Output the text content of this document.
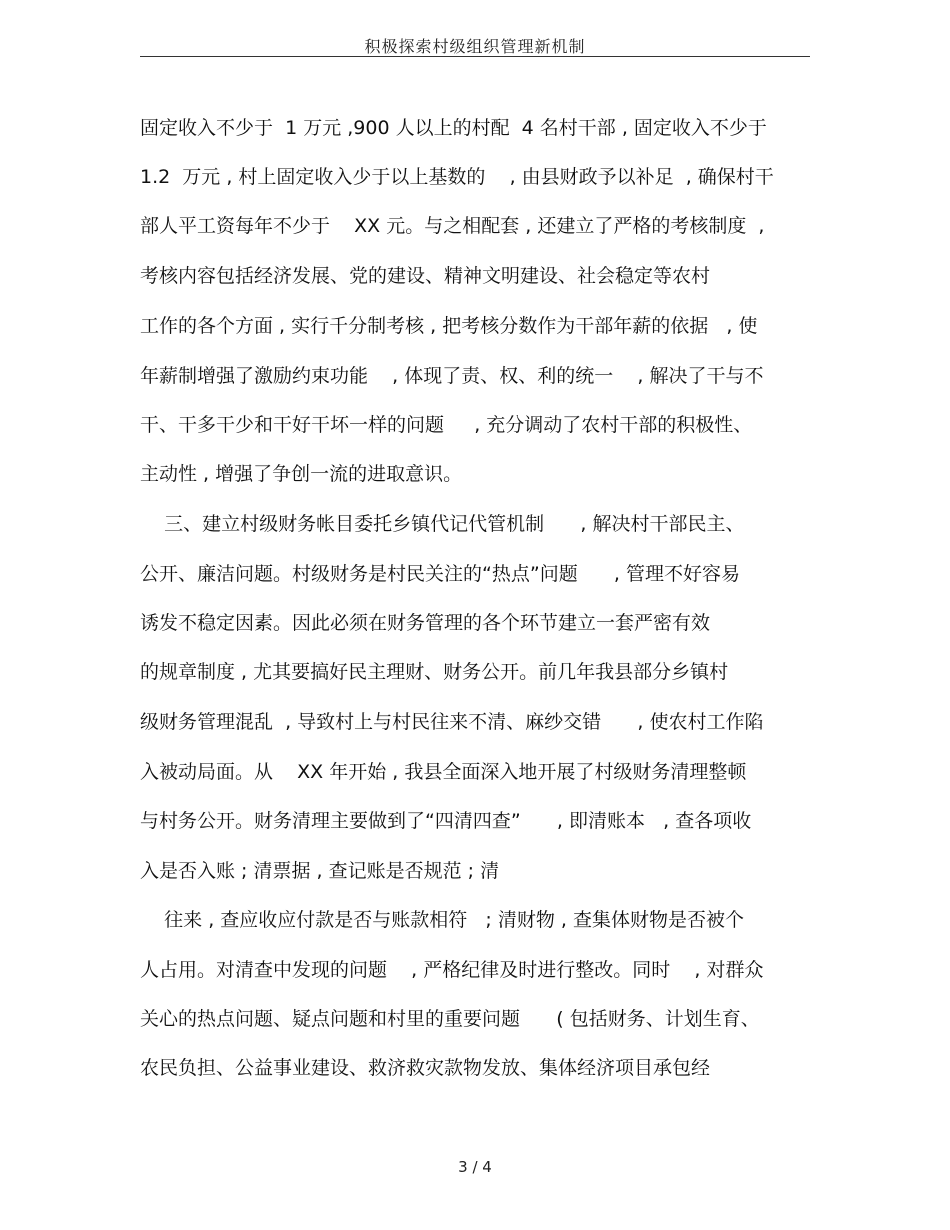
积极探索村级组织管理新机制
固定收入不少于  1 万元 ,900 人以上的村配  4 名村干部 , 固定收入不少于
1.2  万元 , 村上固定收入少于以上基数的    , 由县财政予以补足  , 确保村干
部人平工资每年不少于    XX 元。与之相配套 , 还建立了严格的考核制度  ,
考核内容包括经济发展、党的建设、精神文明建设、社会稳定等农村
工作的各个方面 , 实行千分制考核 , 把考核分数作为干部年薪的依据   , 使
年薪制增强了激励约束功能    , 体现了责、权、利的统一    , 解决了干与不
干、干多干少和干好干坏一样的问题     , 充分调动了农村干部的积极性、
主动性 , 增强了争创一流的进取意识。
三、建立村级财务帐目委托乡镇代记代管机制      , 解决村干部民主、
公开、廉洁问题。村级财务是村民关注的“热点”问题      , 管理不好容易
诱发不稳定因素。因此必须在财务管理的各个环节建立一套严密有效
的规章制度 , 尤其要搞好民主理财、财务公开。前几年我县部分乡镇村
级财务管理混乱  , 导致村上与村民往来不清、麻纱交错      , 使农村工作陷
入被动局面。从    XX 年开始 , 我县全面深入地开展了村级财务清理整顿
与村务公开。财务清理主要做到了“四清四查”      , 即清账本   , 查各项收
入是否入账 ; 清票据 , 查记账是否规范 ; 清
往来 , 查应收应付款是否与账款相符   ; 清财物 , 查集体财物是否被个
人占用。对清查中发现的问题    , 严格纪律及时进行整改。同时    , 对群众
关心的热点问题、疑点问题和村里的重要问题      ( 包括财务、计划生育、
农民负担、公益事业建设、救济救灾款物发放、集体经济项目承包经
3 / 4
